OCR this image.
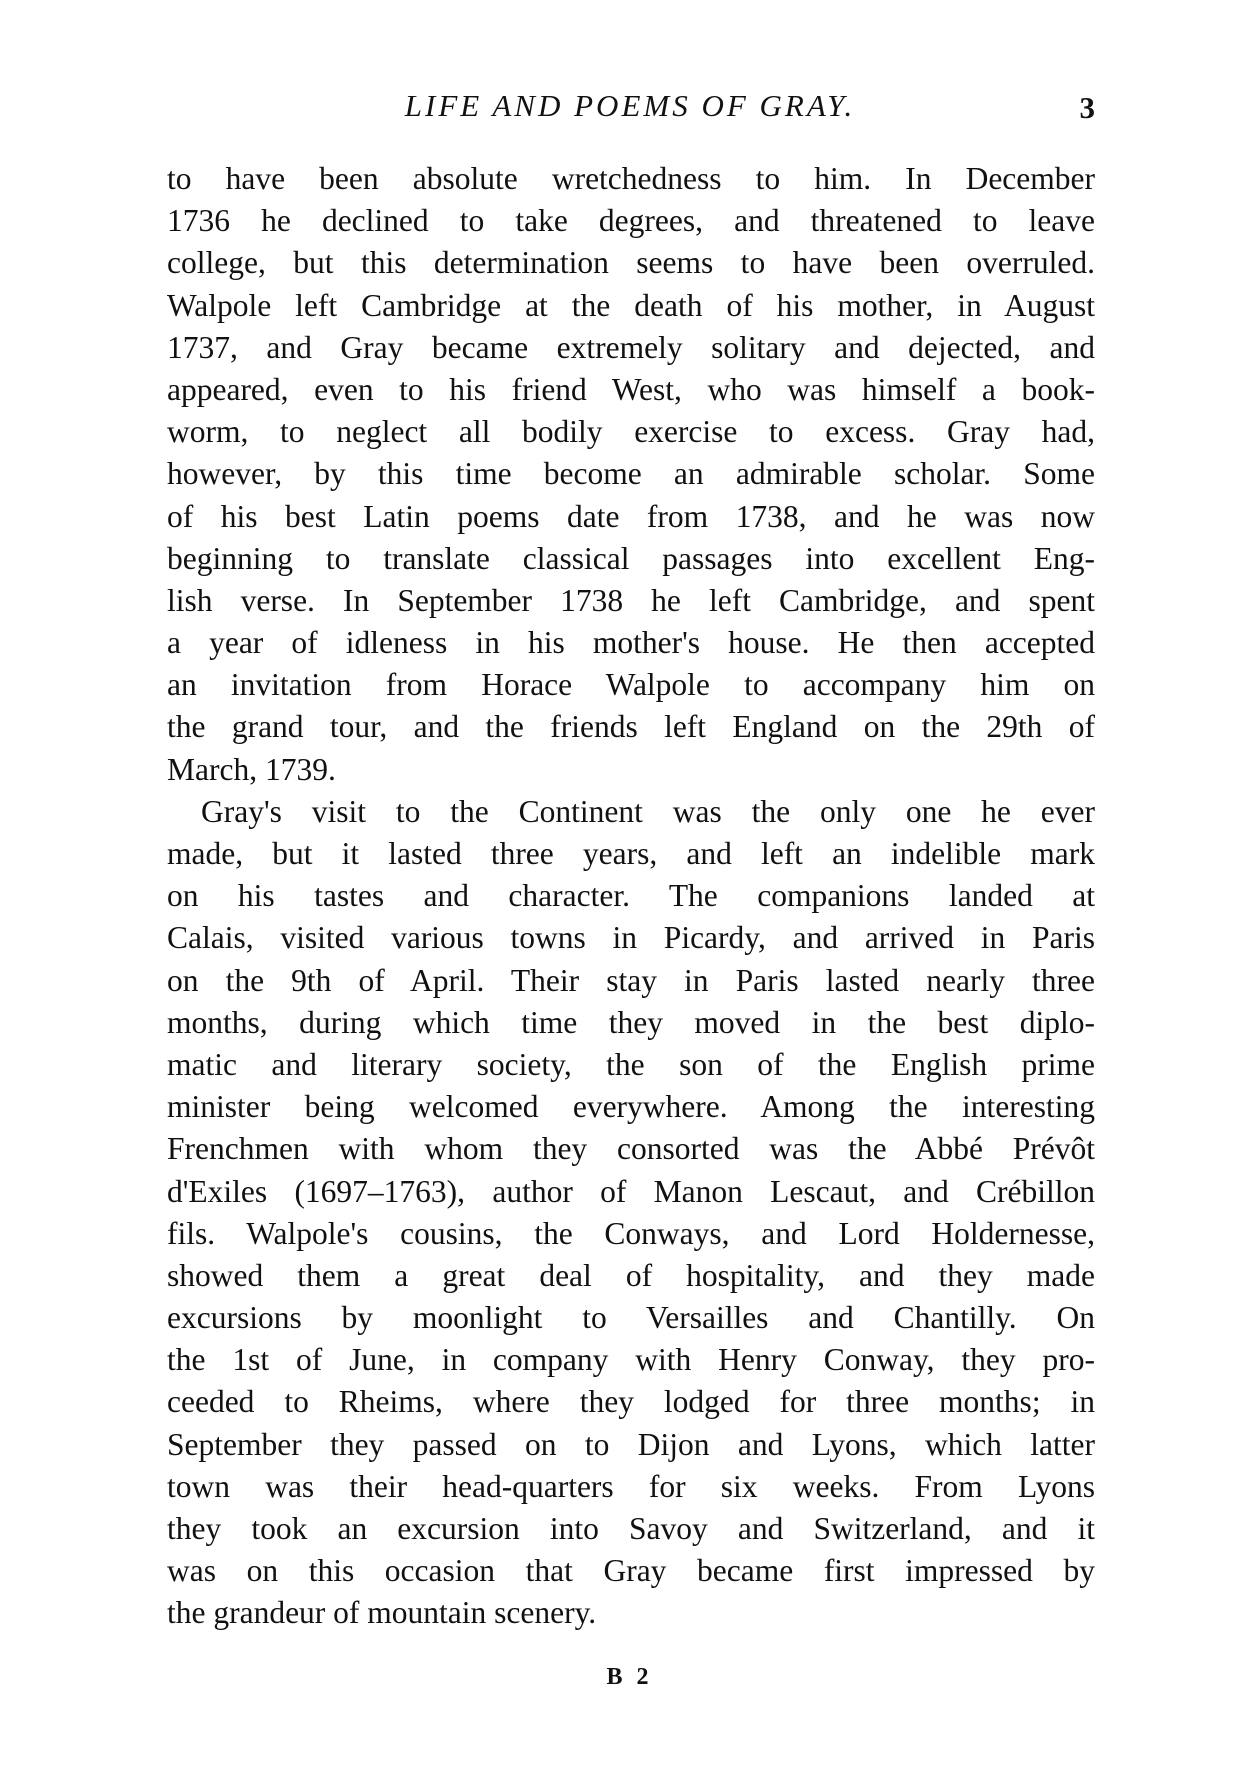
LIFE AND POEMS OF GRAY.	3

to have been absolute wretchedness to him. In December
1736 he declined to take degrees, and threatened to leave
college, but this determination seems to have been overruled.
Walpole left Cambridge at the death of his mother, in August
1737, and Gray became extremely solitary and dejected, and
appeared, even to his friend West, who was himself a book-
worm, to neglect all bodily exercise to excess. Gray had,
however, by this time become an admirable scholar. Some
of his best Latin poems date from 1738, and he was now
beginning to translate classical passages into excellent Eng-
lish verse. In September 1738 he left Cambridge, and spent
a year of idleness in his mother's house. He then accepted
an invitation from Horace Walpole to accompany him on
the grand tour, and the friends left England on the 29th of
March, 1739.

Gray's visit to the Continent was the only one he ever
made, but it lasted three years, and left an indelible mark
on his tastes and character. The companions landed at
Calais, visited various towns in Picardy, and arrived in Paris
on the 9th of April. Their stay in Paris lasted nearly three
months, during which time they moved in the best diplo-
matic and literary society, the son of the English prime
minister being welcomed everywhere. Among the interesting
Frenchmen with whom they consorted was the Abbé Prévôt
d'Exiles (1697–1763), author of Manon Lescaut, and Crébillon
fils. Walpole's cousins, the Conways, and Lord Holdernesse,
showed them a great deal of hospitality, and they made
excursions by moonlight to Versailles and Chantilly. On
the 1st of June, in company with Henry Conway, they pro-
ceeded to Rheims, where they lodged for three months; in
September they passed on to Dijon and Lyons, which latter
town was their head-quarters for six weeks. From Lyons
they took an excursion into Savoy and Switzerland, and it
was on this occasion that Gray became first impressed by
the grandeur of mountain scenery.

B 2
